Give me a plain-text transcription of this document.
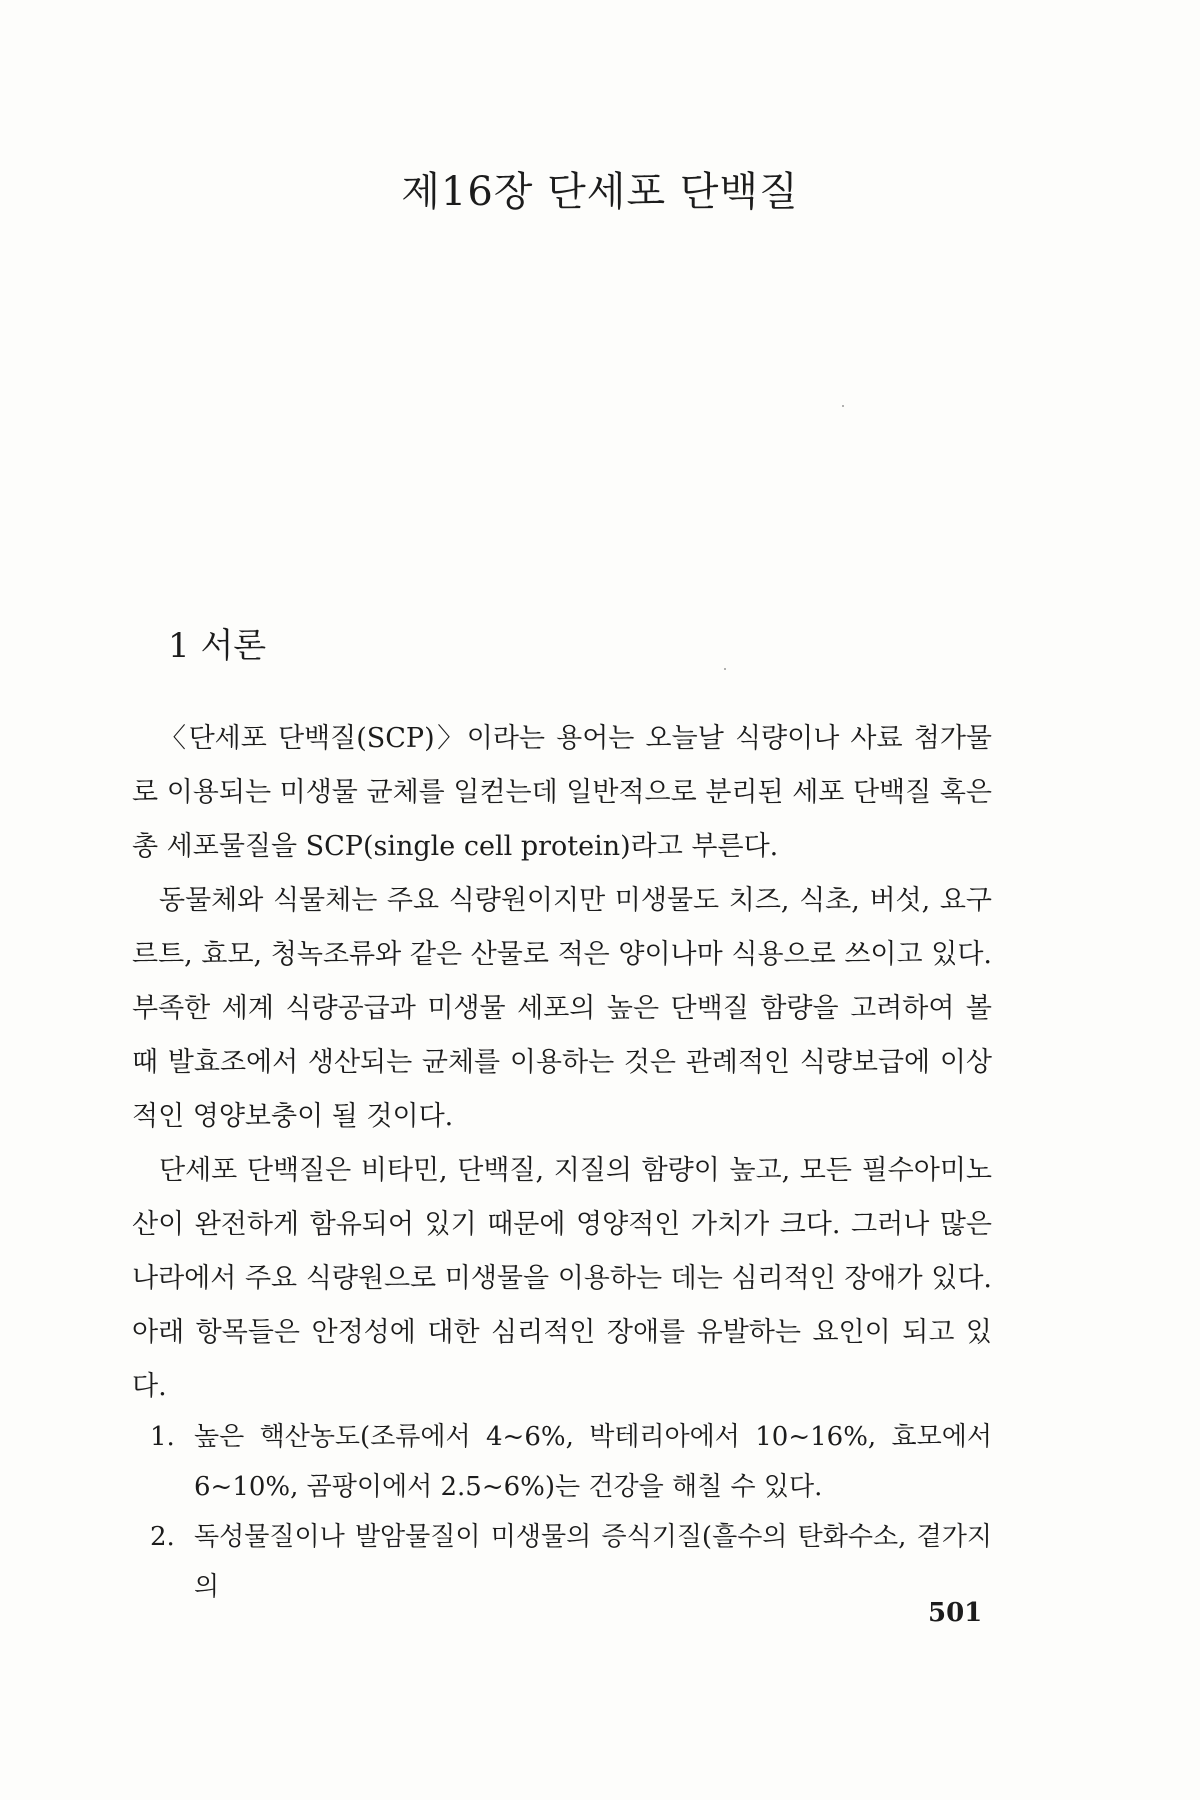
제16장 단세포 단백질
1 서론

〈단세포 단백질(SCP)〉이라는 용어는 오늘날 식량이나 사료 첨가물로 이용되는 미생물 균체를 일컫는데 일반적으로 분리된 세포 단백질 혹은 총 세포물질을 SCP(single cell protein)라고 부른다.

동물체와 식물체는 주요 식량원이지만 미생물도 치즈, 식초, 버섯, 요구르트, 효모, 청녹조류와 같은 산물로 적은 양이나마 식용으로 쓰이고 있다. 부족한 세계 식량공급과 미생물 세포의 높은 단백질 함량을 고려하여 볼 때 발효조에서 생산되는 균체를 이용하는 것은 관례적인 식량보급에 이상적인 영양보충이 될 것이다.

단세포 단백질은 비타민, 단백질, 지질의 함량이 높고, 모든 필수아미노산이 완전하게 함유되어 있기 때문에 영양적인 가치가 크다. 그러나 많은 나라에서 주요 식량원으로 미생물을 이용하는 데는 심리적인 장애가 있다. 아래 항목들은 안정성에 대한 심리적인 장애를 유발하는 요인이 되고 있다.

1. 높은 핵산농도(조류에서 4~6%, 박테리아에서 10~16%, 효모에서 6~10%, 곰팡이에서 2.5~6%)는 건강을 해칠 수 있다.
2. 독성물질이나 발암물질이 미생물의 증식기질(흘수의 탄화수소, 곁가지의
501
